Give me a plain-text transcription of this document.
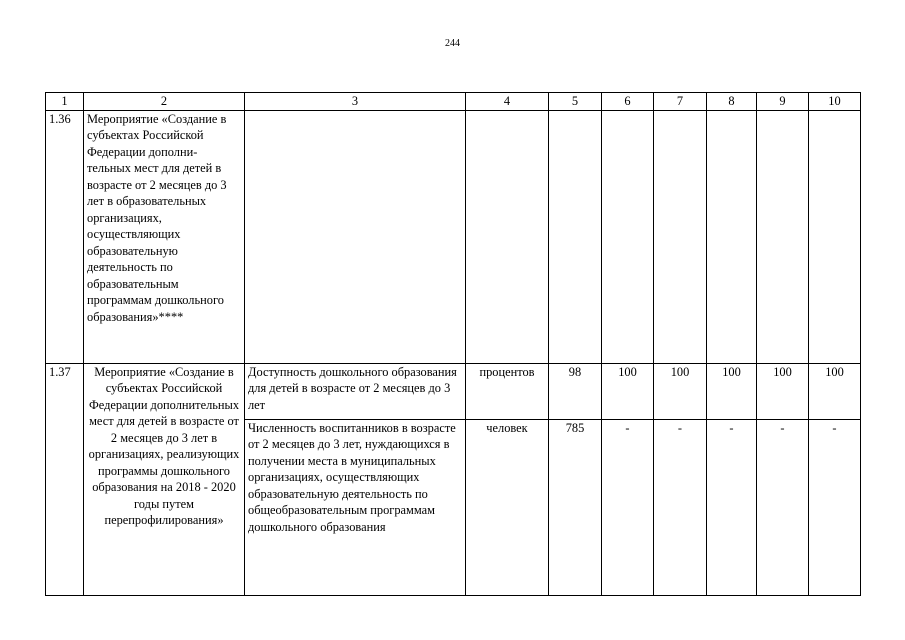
244
1	2	3	4	5	6	7	8	9	10
1.36	Мероприятие «Создание в субъектах Российской Федерации дополни-тельных мест для детей в возрасте от 2 месяцев до 3 лет в образовательных организациях, осуществляющих образовательную деятельность по образовательным программам дошкольного образования»****								
1.37	Мероприятие «Создание в субъектах Российской Федерации дополнительных мест для детей в возрасте от 2 месяцев до 3 лет в организациях, реализующих программы дошкольного образования на 2018 - 2020 годы путем перепрофилирования»	Доступность дошкольного образования для детей в возрасте от 2 месяцев до 3 лет	процентов	98	100	100	100	100	100
		Численность воспитанников в возрасте от 2 месяцев до 3 лет, нуждающихся в получении места в муниципальных организациях, осуществляющих образовательную деятельность по общеобразовательным программам дошкольного образования	человек	785	-	-	-	-	-
